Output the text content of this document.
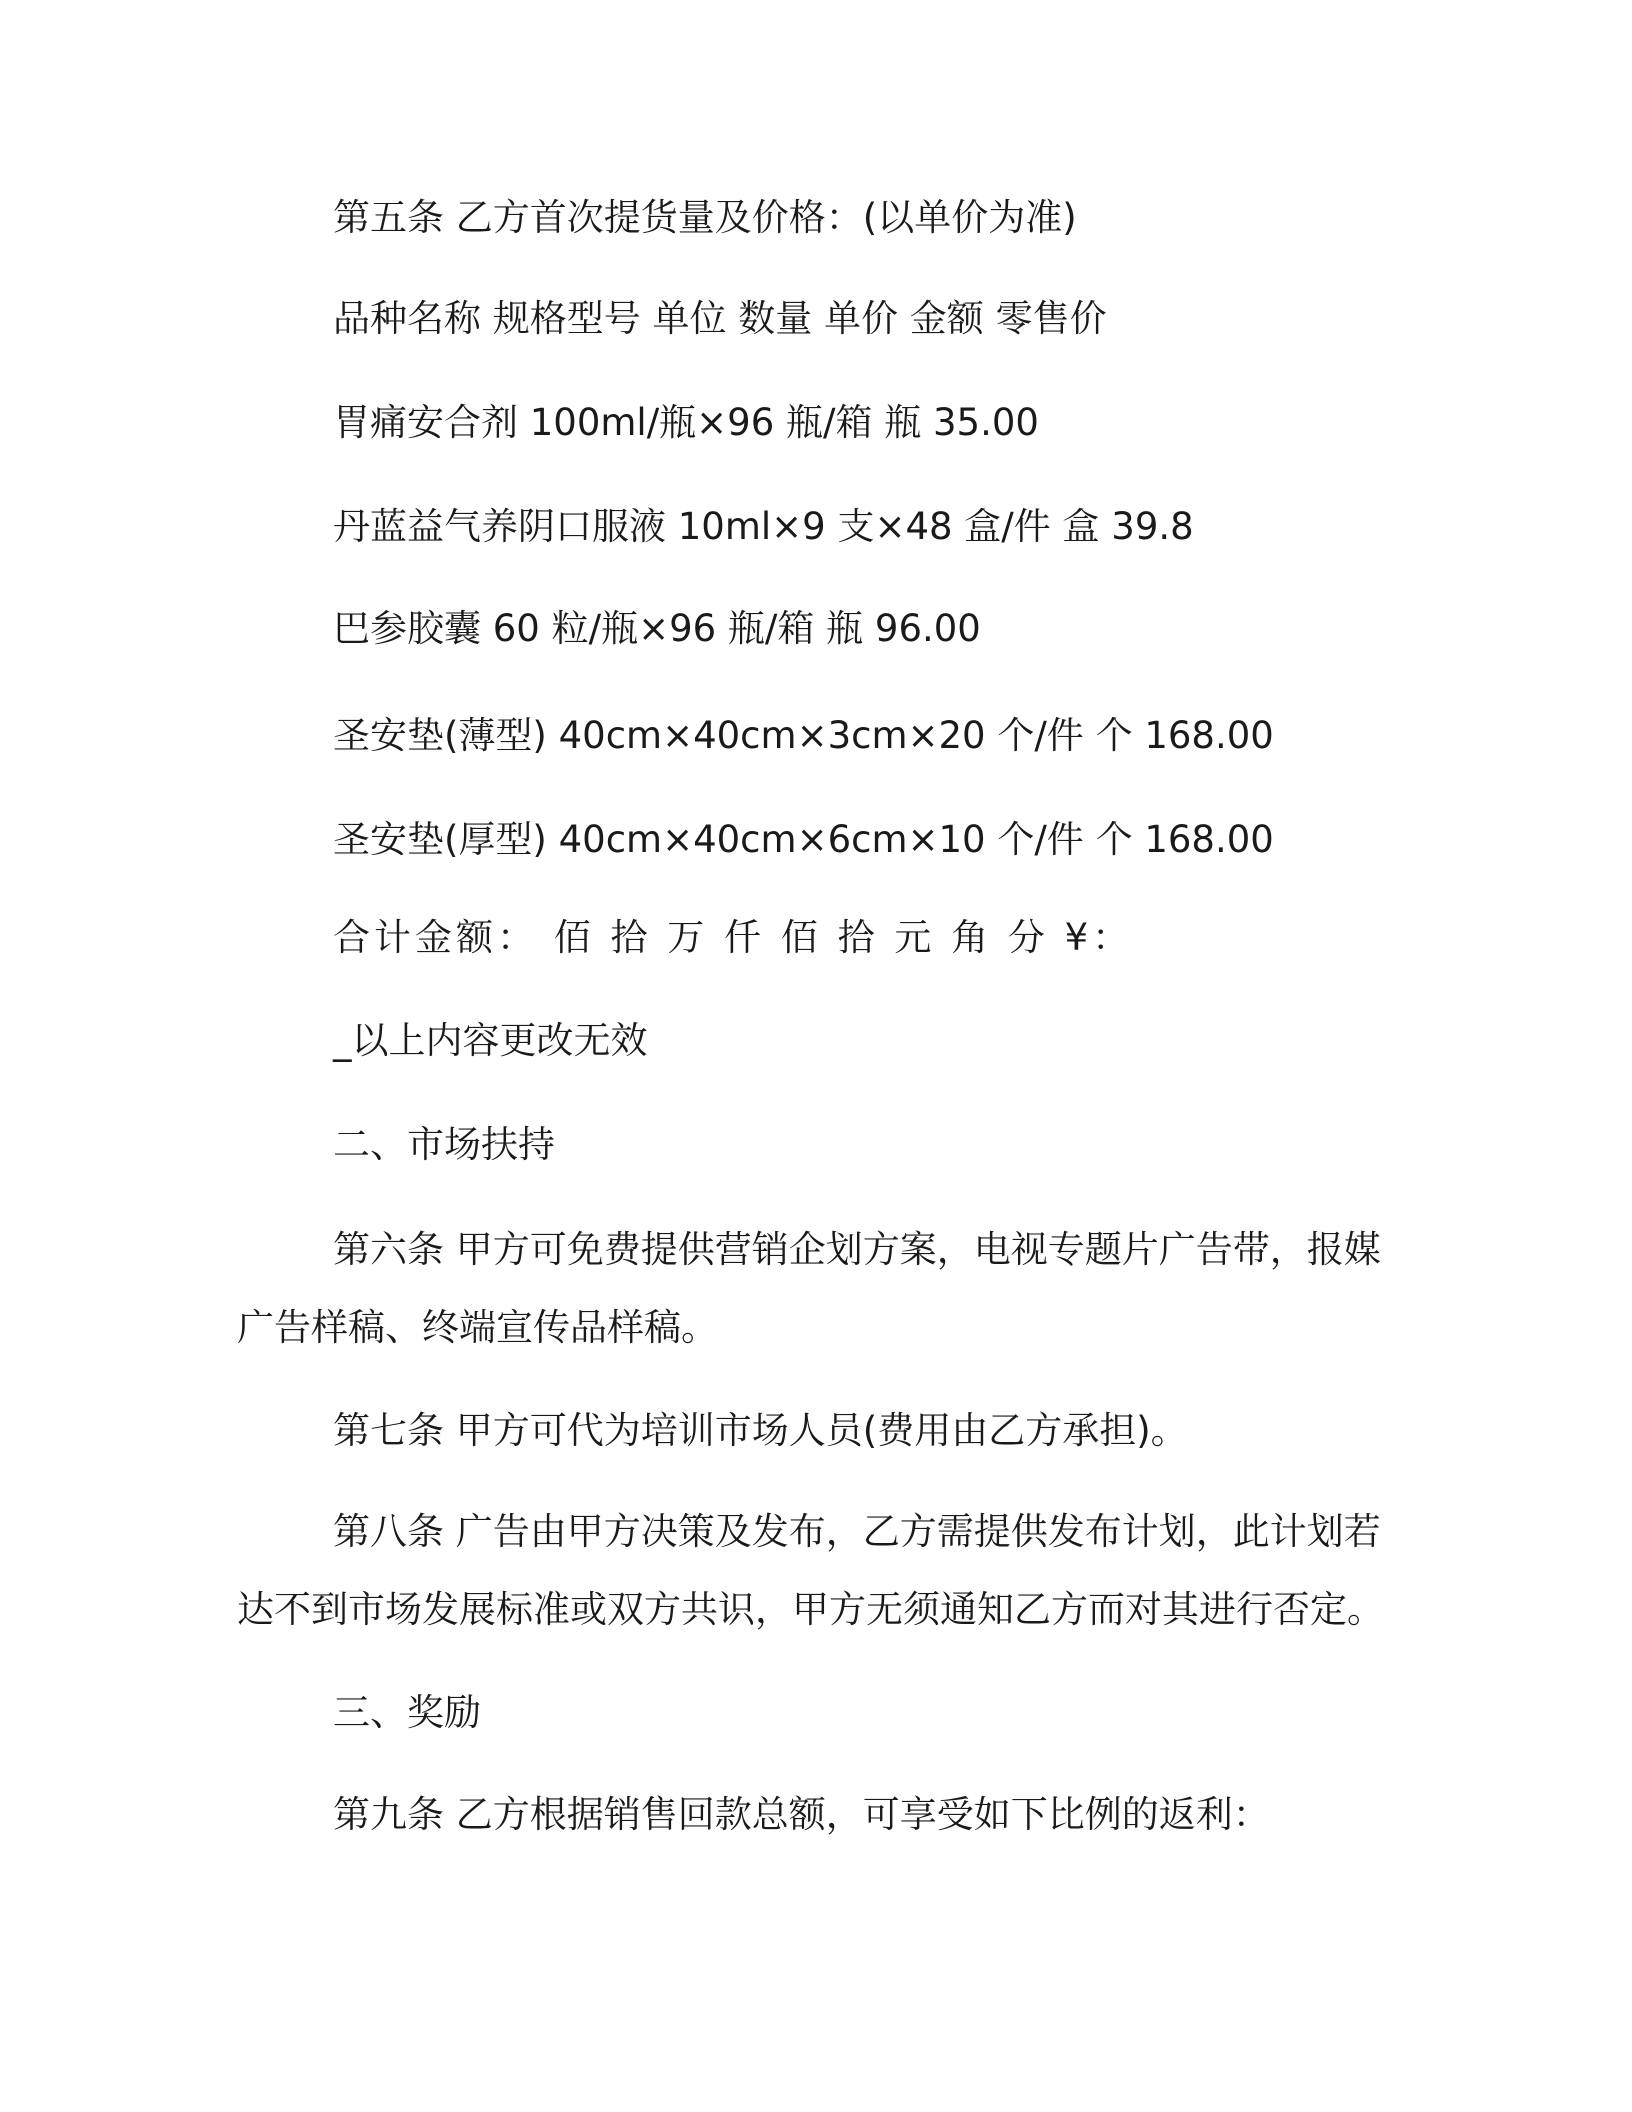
第五条 乙方首次提货量及价格：(以单价为准)
品种名称 规格型号 单位 数量 单价 金额 零售价
胃痛安合剂 100ml/瓶×96 瓶/箱 瓶 35.00
丹蓝益气养阴口服液 10ml×9 支×48 盒/件 盒 39.8
巴参胶囊 60 粒/瓶×96 瓶/箱 瓶 96.00
圣安垫(薄型) 40cm×40cm×3cm×20 个/件 个 168.00
圣安垫(厚型) 40cm×40cm×6cm×10 个/件 个 168.00
合计金额： 佰 拾 万 仟 佰 拾 元 角 分 ¥：
_以上内容更改无效
二、市场扶持
第六条 甲方可免费提供营销企划方案，电视专题片广告带，报媒广告样稿、终端宣传品样稿。
第七条 甲方可代为培训市场人员(费用由乙方承担)。
第八条 广告由甲方决策及发布，乙方需提供发布计划，此计划若达不到市场发展标准或双方共识，甲方无须通知乙方而对其进行否定。
三、奖励
第九条 乙方根据销售回款总额，可享受如下比例的返利：
